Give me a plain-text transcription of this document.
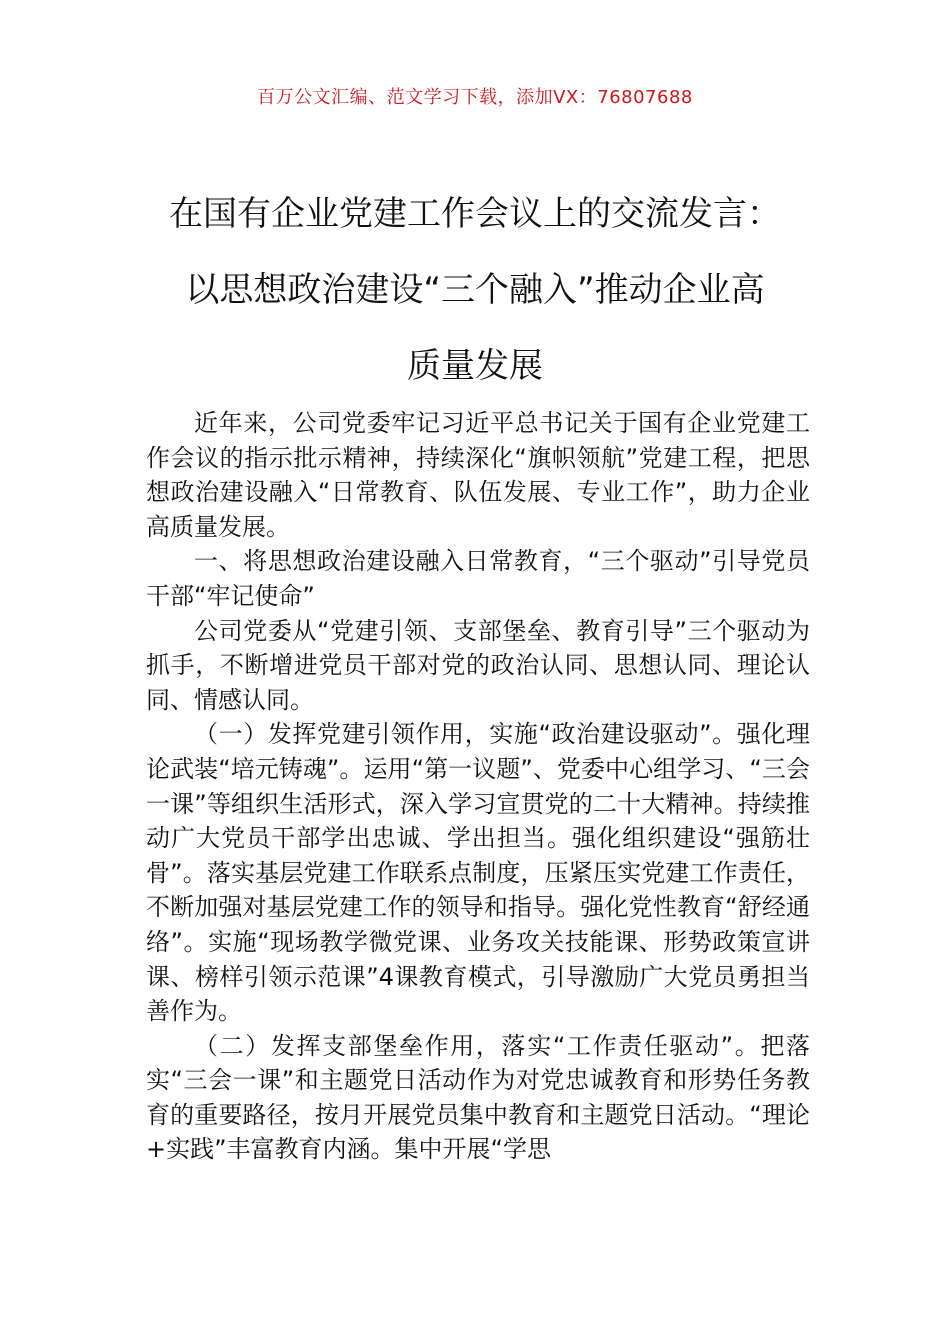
百万公文汇编、范文学习下载，添加VX：76807688
在国有企业党建工作会议上的交流发言：
以思想政治建设“三个融入”推动企业高
质量发展

近年来，公司党委牢记习近平总书记关于国有企业党建工作会议的指示批示精神，持续深化“旗帜领航”党建工程，把思想政治建设融入“日常教育、队伍发展、专业工作”，助力企业高质量发展。

一、将思想政治建设融入日常教育，“三个驱动”引导党员干部“牢记使命”

公司党委从“党建引领、支部堡垒、教育引导”三个驱动为抓手，不断增进党员干部对党的政治认同、思想认同、理论认同、情感认同。

（一）发挥党建引领作用，实施“政治建设驱动”。强化理论武装“培元铸魂”。运用“第一议题”、党委中心组学习、“三会一课”等组织生活形式，深入学习宣贯党的二十大精神。持续推动广大党员干部学出忠诚、学出担当。强化组织建设“强筋壮骨”。落实基层党建工作联系点制度，压紧压实党建工作责任，不断加强对基层党建工作的领导和指导。强化党性教育“舒经通络”。实施“现场教学微党课、业务攻关技能课、形势政策宣讲课、榜样引领示范课”4课教育模式，引导激励广大党员勇担当善作为。

（二）发挥支部堡垒作用，落实“工作责任驱动”。把落实“三会一课”和主题党日活动作为对党忠诚教育和形势任务教育的重要路径，按月开展党员集中教育和主题党日活动。“理论+实践”丰富教育内涵。集中开展“学思
